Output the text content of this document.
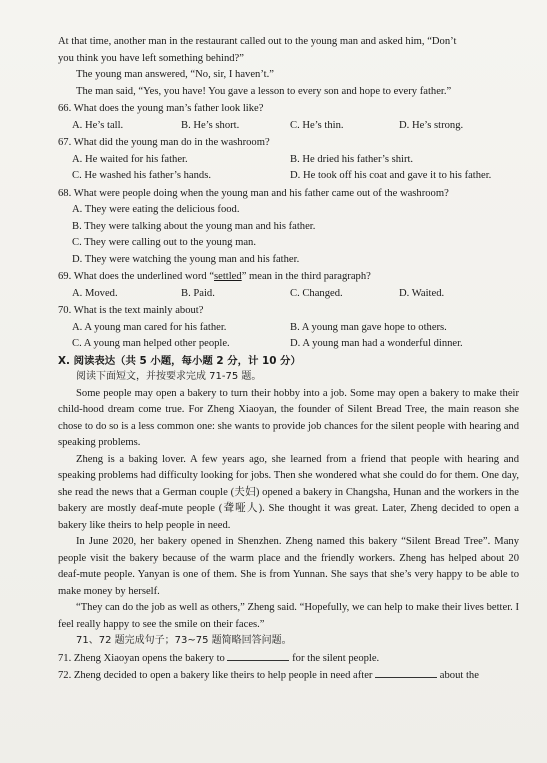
At that time, another man in the restaurant called out to the young man and asked him, “Don’t
you think you have left something behind?”
The young man answered, “No, sir, I haven’t.”
The man said, “Yes, you have! You gave a lesson to every son and hope to every father.”
66. What does the young man’s father look like?
A. He’s tall.	B. He’s short.	C. He’s thin.	D. He’s strong.
67. What did the young man do in the washroom?
A. He waited for his father.	B. He dried his father’s shirt.
C. He washed his father’s hands.	D. He took off his coat and gave it to his father.
68. What were people doing when the young man and his father came out of the washroom?
A. They were eating the delicious food.
B. They were talking about the young man and his father.
C. They were calling out to the young man.
D. They were watching the young man and his father.
69. What does the underlined word “settled” mean in the third paragraph?
A. Moved.	B. Paid.	C. Changed.	D. Waited.
70. What is the text mainly about?
A. A young man cared for his father.	B. A young man gave hope to others.
C. A young man helped other people.	D. A young man had a wonderful dinner.
Ⅹ. 阅读表达（共 5 小题，每小题 2 分，计 10 分）
阅读下面短文，并按要求完成 71-75 题。
Some people may open a bakery to turn their hobby into a job. Some may open a bakery to make their child-hood dream come true. For Zheng Xiaoyan, the founder of Silent Bread Tree, the main reason she chose to do so is a less common one: she wants to provide job chances for the silent people with hearing and speaking problems.
Zheng is a baking lover. A few years ago, she learned from a friend that people with hearing and speaking problems had difficulty looking for jobs. Then she wondered what she could do for them. One day, she read the news that a German couple (夫妇) opened a bakery in Changsha, Hunan and the workers in the bakery are mostly deaf-mute people (聋哑人). She thought it was great. Later, Zheng decided to open a bakery like theirs to help people in need.
In June 2020, her bakery opened in Shenzhen. Zheng named this bakery “Silent Bread Tree”. Many people visit the bakery because of the warm place and the friendly workers. Zheng has helped about 20 deaf-mute people. Yanyan is one of them. She is from Yunnan. She says that she’s very happy to be able to make money by herself.
“They can do the job as well as others,” Zheng said. “Hopefully, we can help to make their lives better. I feel really happy to see the smile on their faces.”
71、72 题完成句子；73~75 题简略回答问题。
71. Zheng Xiaoyan opens the bakery to	for the silent people.
72. Zheng decided to open a bakery like theirs to help people in need after	about the
